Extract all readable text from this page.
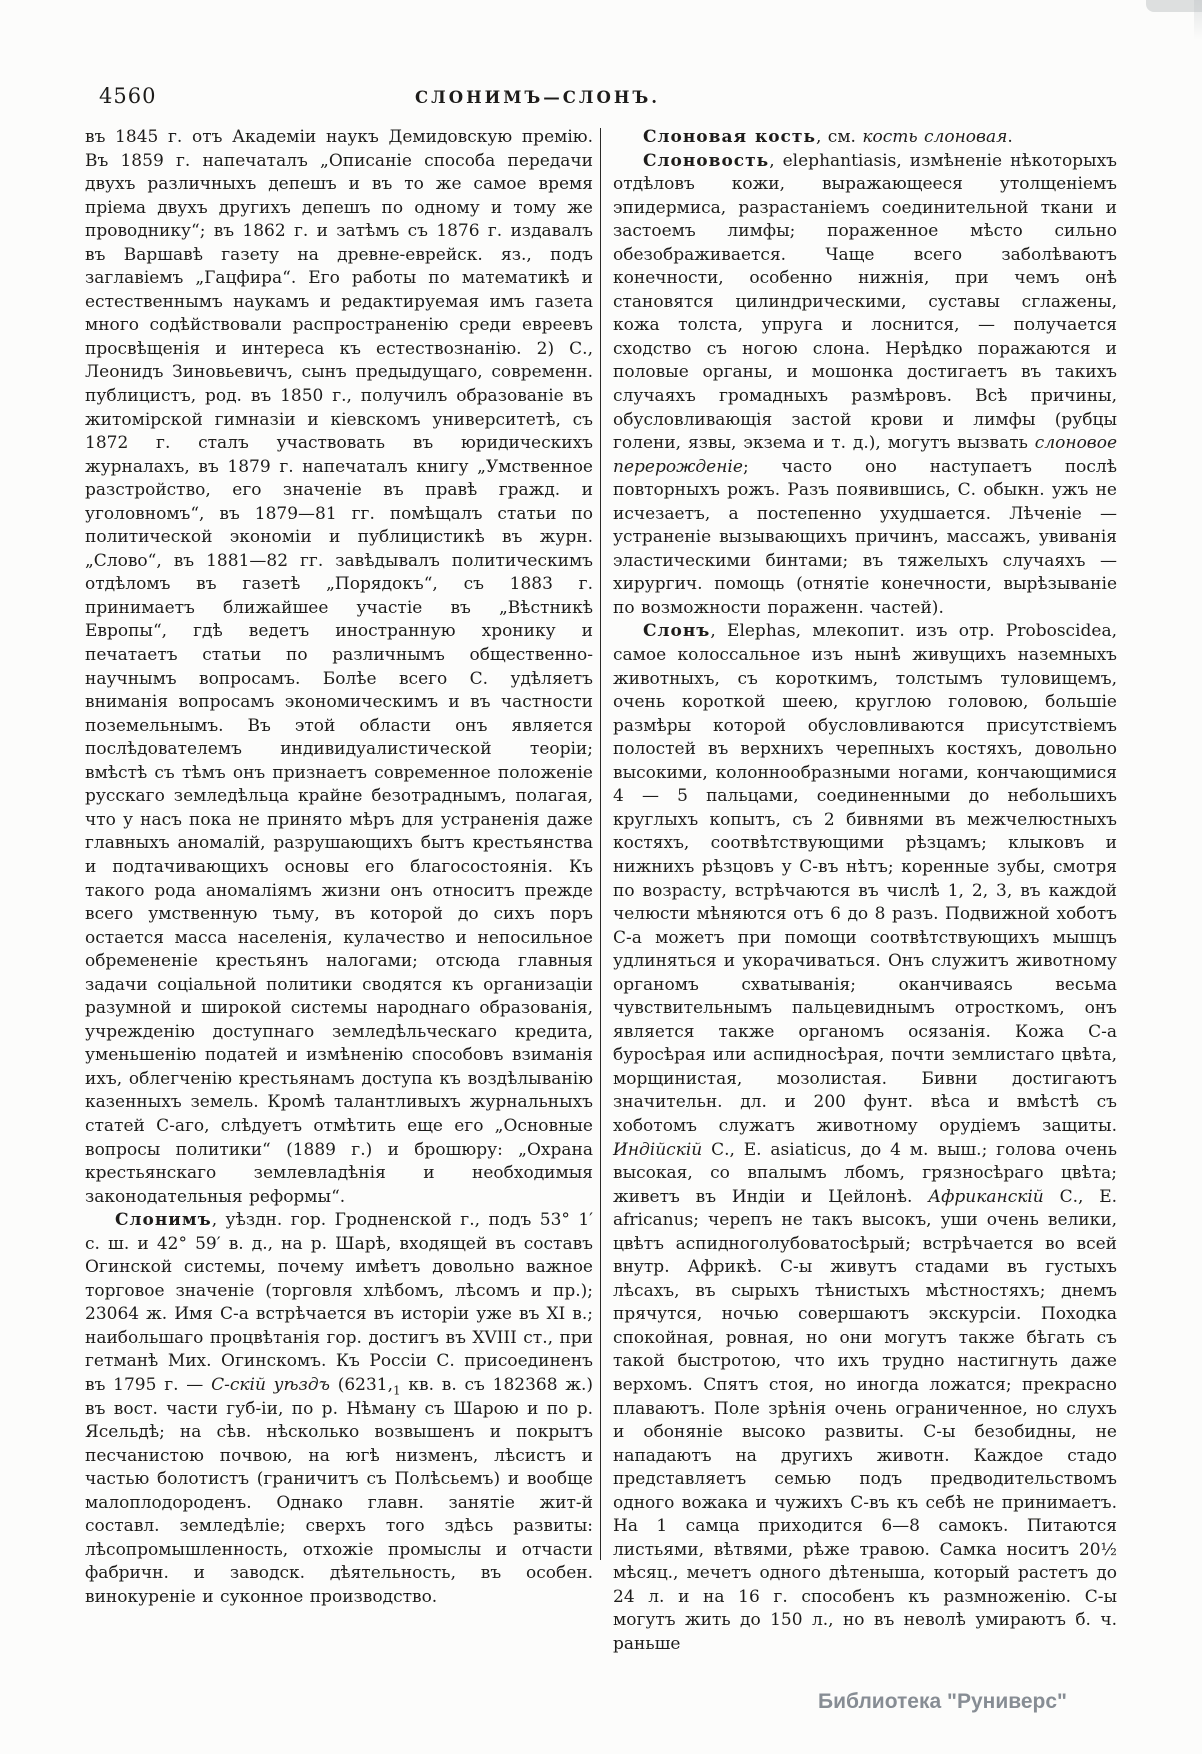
4560	СЛОНИМЪ—СЛОНЪ.

въ 1845 г. отъ Академіи наукъ Демидовскую премію. Въ 1859 г. напечаталъ „Описаніе способа передачи двухъ различныхъ депешъ и въ то же самое время пріема двухъ другихъ депешъ по одному и тому же проводнику“; въ 1862 г. и затѣмъ съ 1876 г. издавалъ въ Варшавѣ газету на древне-еврейск. яз., подъ заглавіемъ „Гацфира“. Его работы по математикѣ и естественнымъ наукамъ и редактируемая имъ газета много содѣйствовали распространенію среди евреевъ просвѣщенія и интереса къ естествознанію. 2) С., Леонидъ Зиновьевичъ, сынъ предыдущаго, современн. публицистъ, род. въ 1850 г., получилъ образованіе въ житомірской гимназіи и кіевскомъ университетѣ, съ 1872 г. сталъ участвовать въ юридическихъ журналахъ, въ 1879 г. напечаталъ книгу „Умственное разстройство, его значеніе въ правѣ гражд. и уголовномъ“, въ 1879—81 гг. помѣщалъ статьи по политической экономіи и публицистикѣ въ журн. „Слово“, въ 1881—82 гг. завѣдывалъ политическимъ отдѣломъ въ газетѣ „Порядокъ“, съ 1883 г. принимаетъ ближайшее участіе въ „Вѣстникѣ Европы“, гдѣ ведетъ иностранную хронику и печатаетъ статьи по различнымъ общественно-научнымъ вопросамъ. Болѣе всего С. удѣляетъ вниманія вопросамъ экономическимъ и въ частности поземельнымъ. Въ этой области онъ является послѣдователемъ индивидуалистической теоріи; вмѣстѣ съ тѣмъ онъ признаетъ современное положеніе русскаго земледѣльца крайне безотраднымъ, полагая, что у насъ пока не принято мѣръ для устраненія даже главныхъ аномалій, разрушающихъ бытъ крестьянства и подтачивающихъ основы его благосостоянія. Къ такого рода аномаліямъ жизни онъ относитъ прежде всего умственную тьму, въ которой до сихъ поръ остается масса населенія, кулачество и непосильное обремененіе крестьянъ налогами; отсюда главныя задачи соціальной политики сводятся къ организаціи разумной и широкой системы народнаго образованія, учрежденію доступнаго земледѣльческаго кредита, уменьшенію податей и измѣненію способовъ взиманія ихъ, облегченію крестьянамъ доступа къ воздѣлыванію казенныхъ земель. Кромѣ талантливыхъ журнальныхъ статей С-аго, слѣдуетъ отмѣтить еще его „Основные вопросы политики“ (1889 г.) и брошюру: „Охрана крестьянскаго землевладѣнія и необходимыя законодательныя реформы“.

Слонимъ, уѣздн. гор. Гродненской г., подъ 53° 1′ с. ш. и 42° 59′ в. д., на р. Шарѣ, входящей въ составъ Огинской системы, почему имѣетъ довольно важное торговое значеніе (торговля хлѣбомъ, лѣсомъ и пр.); 23064 ж. Имя С-а встрѣчается въ исторіи уже въ XI в.; наибольшаго процвѣтанія гор. достигъ въ XVIII ст., при гетманѣ Мих. Огинскомъ. Къ Россіи С. присоединенъ въ 1795 г. — С-скій уѣздъ ($6231,_1$ кв. в. съ 182368 ж.) въ вост. части губ-іи, по р. Нѣману съ Шарою и по р. Ясельдѣ; на сѣв. нѣсколько возвышенъ и покрытъ песчанистою почвою, на югѣ низменъ, лѣсистъ и частью болотистъ (граничитъ съ Полѣсьемъ) и вообще малоплодороденъ. Однако главн. занятіе жит-й составл. земледѣліе; сверхъ того здѣсь развиты: лѣсопромышленность, отхожіе промыслы и отчасти фабричн. и заводск. дѣятельность, въ особен. винокуреніе и суконное производство.

Слоновая кость, см. кость слоновая.

Слоновость, elephantiasis, измѣненіе нѣкоторыхъ отдѣловъ кожи, выражающееся утолщеніемъ эпидермиса, разрастаніемъ соединительной ткани и застоемъ лимфы; пораженное мѣсто сильно обезображивается. Чаще всего заболѣваютъ конечности, особенно нижнія, при чемъ онѣ становятся цилиндрическими, суставы сглажены, кожа толста, упруга и лоснится, — получается сходство съ ногою слона. Нерѣдко поражаются и половые органы, и мошонка достигаетъ въ такихъ случаяхъ громадныхъ размѣровъ. Всѣ причины, обусловливающія застой крови и лимфы (рубцы голени, язвы, экзема и т. д.), могутъ вызвать слоновое перерожденіе; часто оно наступаетъ послѣ повторныхъ рожъ. Разъ появившись, С. обыкн. ужъ не исчезаетъ, а постепенно ухудшается. Лѣченіе — устраненіе вызывающихъ причинъ, массажъ, увиванія эластическими бинтами; въ тяжелыхъ случаяхъ — хирургич. помощь (отнятіе конечности, вырѣзываніе по возможности пораженн. частей).

Слонъ, Elephas, млекопит. изъ отр. Proboscidea, самое колоссальное изъ нынѣ живущихъ наземныхъ животныхъ, съ короткимъ, толстымъ туловищемъ, очень короткой шеею, круглою головою, большіе размѣры которой обусловливаются присутствіемъ полостей въ верхнихъ черепныхъ костяхъ, довольно высокими, колоннообразными ногами, кончающимися 4 — 5 пальцами, соединенными до небольшихъ круглыхъ копытъ, съ 2 бивнями въ межчелюстныхъ костяхъ, соотвѣтствующими рѣзцамъ; клыковъ и нижнихъ рѣзцовъ у С-въ нѣтъ; коренные зубы, смотря по возрасту, встрѣчаются въ числѣ 1, 2, 3, въ каждой челюсти мѣняются отъ 6 до 8 разъ. Подвижной хоботъ С-а можетъ при помощи соотвѣтствующихъ мышцъ удлиняться и укорачиваться. Онъ служитъ животному органомъ схватыванія; оканчиваясь весьма чувствительнымъ пальцевиднымъ отросткомъ, онъ является также органомъ осязанія. Кожа С-а буросѣрая или аспидносѣрая, почти землистаго цвѣта, морщинистая, мозолистая. Бивни достигаютъ значительн. дл. и 200 фунт. вѣса и вмѣстѣ съ хоботомъ служатъ животному орудіемъ защиты. Индійскій С., E. asiaticus, до 4 м. выш.; голова очень высокая, со впалымъ лбомъ, грязносѣраго цвѣта; живетъ въ Индіи и Цейлонѣ. Африканскій С., E. africanus; черепъ не такъ высокъ, уши очень велики, цвѣтъ аспидноголубоватосѣрый; встрѣчается во всей внутр. Африкѣ. С-ы живутъ стадами въ густыхъ лѣсахъ, въ сырыхъ тѣнистыхъ мѣстностяхъ; днемъ прячутся, ночью совершаютъ экскурсіи. Походка спокойная, ровная, но они могутъ также бѣгать съ такой быстротою, что ихъ трудно настигнуть даже верхомъ. Спятъ стоя, но иногда ложатся; прекрасно плаваютъ. Поле зрѣнія очень ограниченное, но слухъ и обоняніе высоко развиты. С-ы безобидны, не нападаютъ на другихъ животн. Каждое стадо представляетъ семью подъ предводительствомъ одного вожака и чужихъ С-въ къ себѣ не принимаетъ. На 1 самца приходится 6—8 самокъ. Питаются листьями, вѣтвями, рѣже травою. Самка носитъ 20½ мѣсяц., мечетъ одного дѣтеныша, который растетъ до 24 л. и на 16 г. способенъ къ размноженію. С-ы могутъ жить до 150 л., но въ неволѣ умираютъ б. ч. раньше

Библиотека "Руниверс"
